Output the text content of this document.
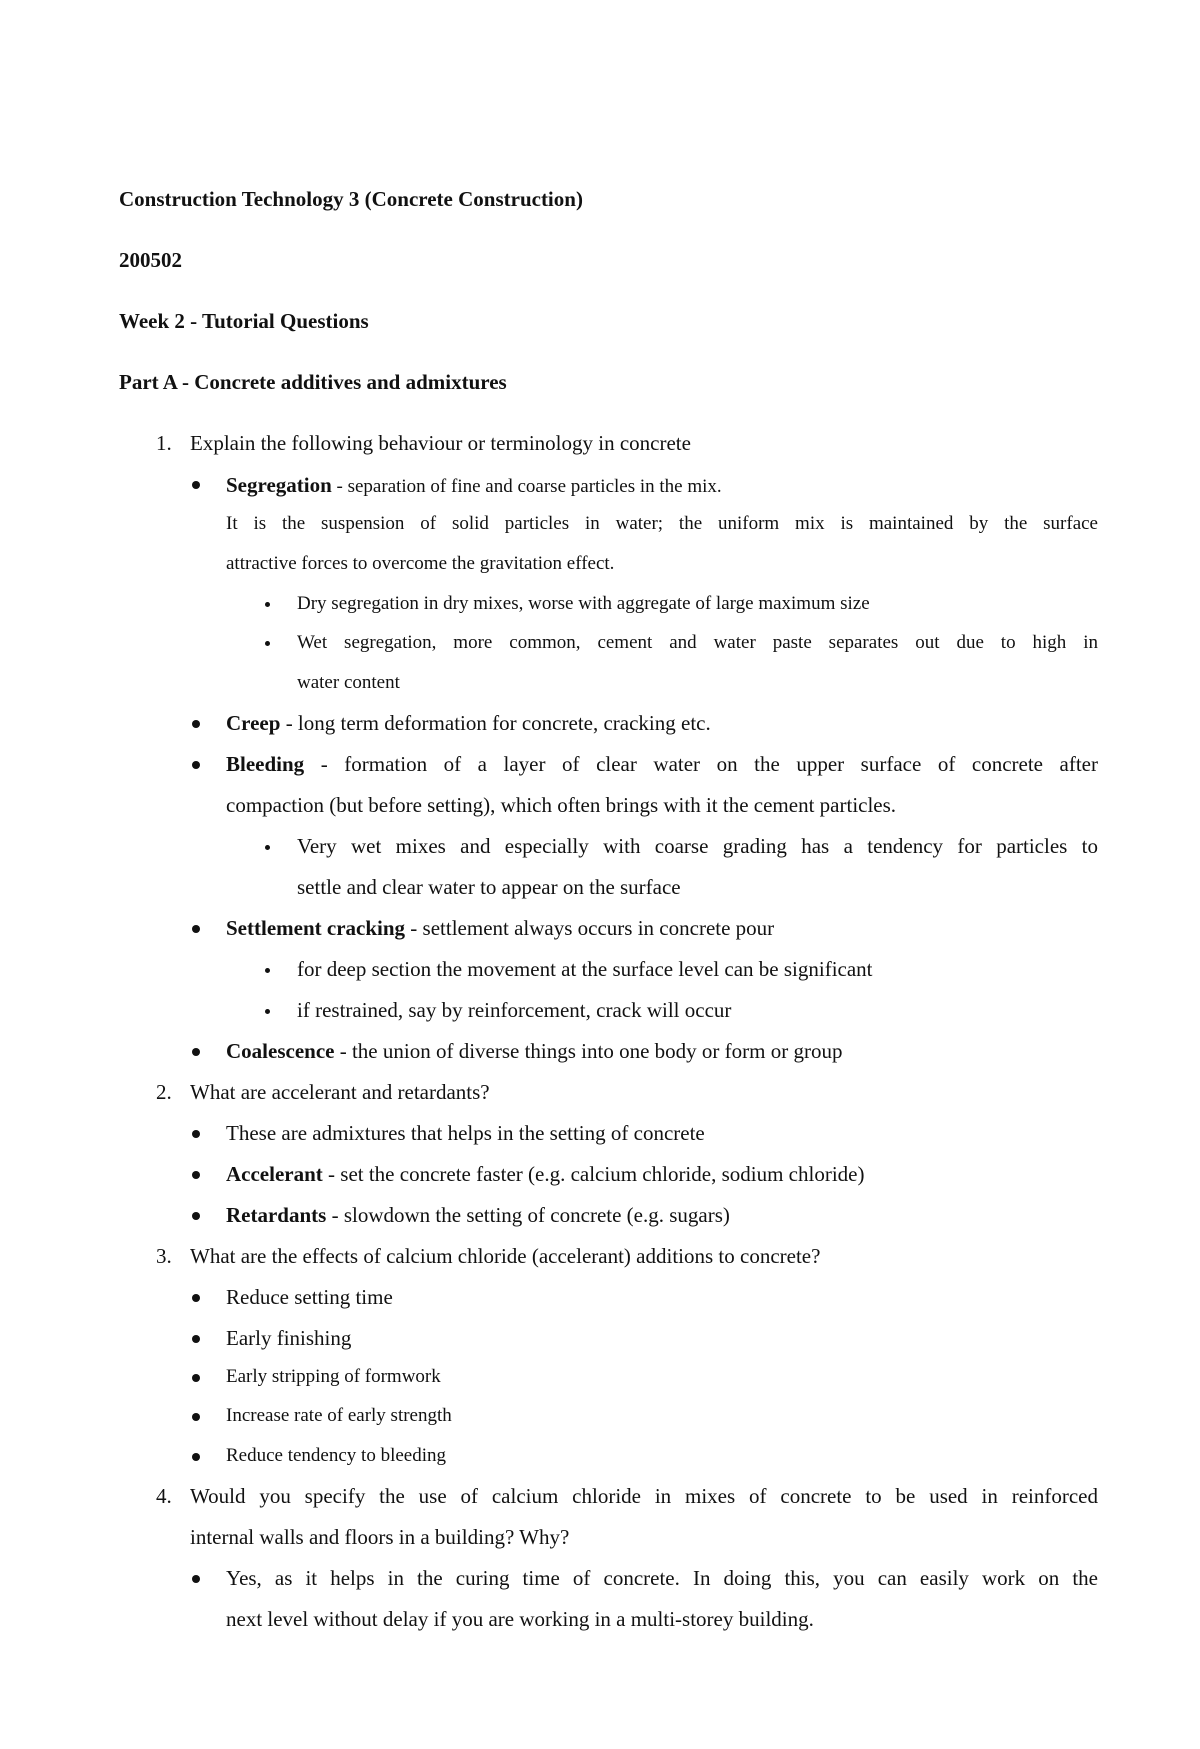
Construction Technology 3 (Concrete Construction)

200502

Week 2 - Tutorial Questions

Part A - Concrete additives and admixtures

1. Explain the following behaviour or terminology in concrete

Segregation - separation of fine and coarse particles in the mix.

It is the suspension of solid particles in water; the uniform mix is maintained by the surface

attractive forces to overcome the gravitation effect.

Dry segregation in dry mixes, worse with aggregate of large maximum size

Wet segregation, more common, cement and water paste separates out due to high in

water content

Creep - long term deformation for concrete, cracking etc.

Bleeding - formation of a layer of clear water on the upper surface of concrete after

compaction (but before setting), which often brings with it the cement particles.

Very wet mixes and especially with coarse grading has a tendency for particles to

settle and clear water to appear on the surface

Settlement cracking - settlement always occurs in concrete pour

for deep section the movement at the surface level can be significant

if restrained, say by reinforcement, crack will occur

Coalescence - the union of diverse things into one body or form or group

2. What are accelerant and retardants?

These are admixtures that helps in the setting of concrete

Accelerant - set the concrete faster (e.g. calcium chloride, sodium chloride)

Retardants - slowdown the setting of concrete (e.g. sugars)

3. What are the effects of calcium chloride (accelerant) additions to concrete?

Reduce setting time

Early finishing

Early stripping of formwork

Increase rate of early strength

Reduce tendency to bleeding

4. Would you specify the use of calcium chloride in mixes of concrete to be used in reinforced

internal walls and floors in a building? Why?

Yes, as it helps in the curing time of concrete. In doing this, you can easily work on the

next level without delay if you are working in a multi-storey building.
